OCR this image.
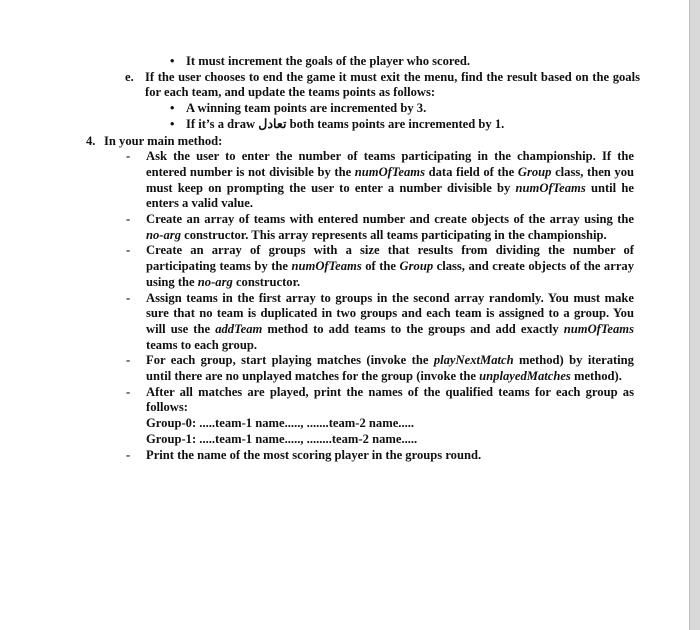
• It must increment the goals of the player who scored.
e. If the user chooses to end the game it must exit the menu, find the result based on the goals for each team, and update the teams points as follows:
• A winning team points are incremented by 3.
• If it’s a draw تعادل both teams points are incremented by 1.
4. In your main method:
- Ask the user to enter the number of teams participating in the championship. If the entered number is not divisible by the numOfTeams data field of the Group class, then you must keep on prompting the user to enter a number divisible by numOfTeams until he enters a valid value.
- Create an array of teams with entered number and create objects of the array using the no-arg constructor. This array represents all teams participating in the championship.
- Create an array of groups with a size that results from dividing the number of participating teams by the numOfTeams of the Group class, and create objects of the array using the no-arg constructor.
- Assign teams in the first array to groups in the second array randomly. You must make sure that no team is duplicated in two groups and each team is assigned to a group. You will use the addTeam method to add teams to the groups and add exactly numOfTeams teams to each group.
- For each group, start playing matches (invoke the playNextMatch method) by iterating until there are no unplayed matches for the group (invoke the unplayedMatches method).
- After all matches are played, print the names of the qualified teams for each group as follows:
Group-0: .....team-1 name....., .......team-2 name.....
Group-1: .....team-1 name....., ........team-2 name.....
- Print the name of the most scoring player in the groups round.
